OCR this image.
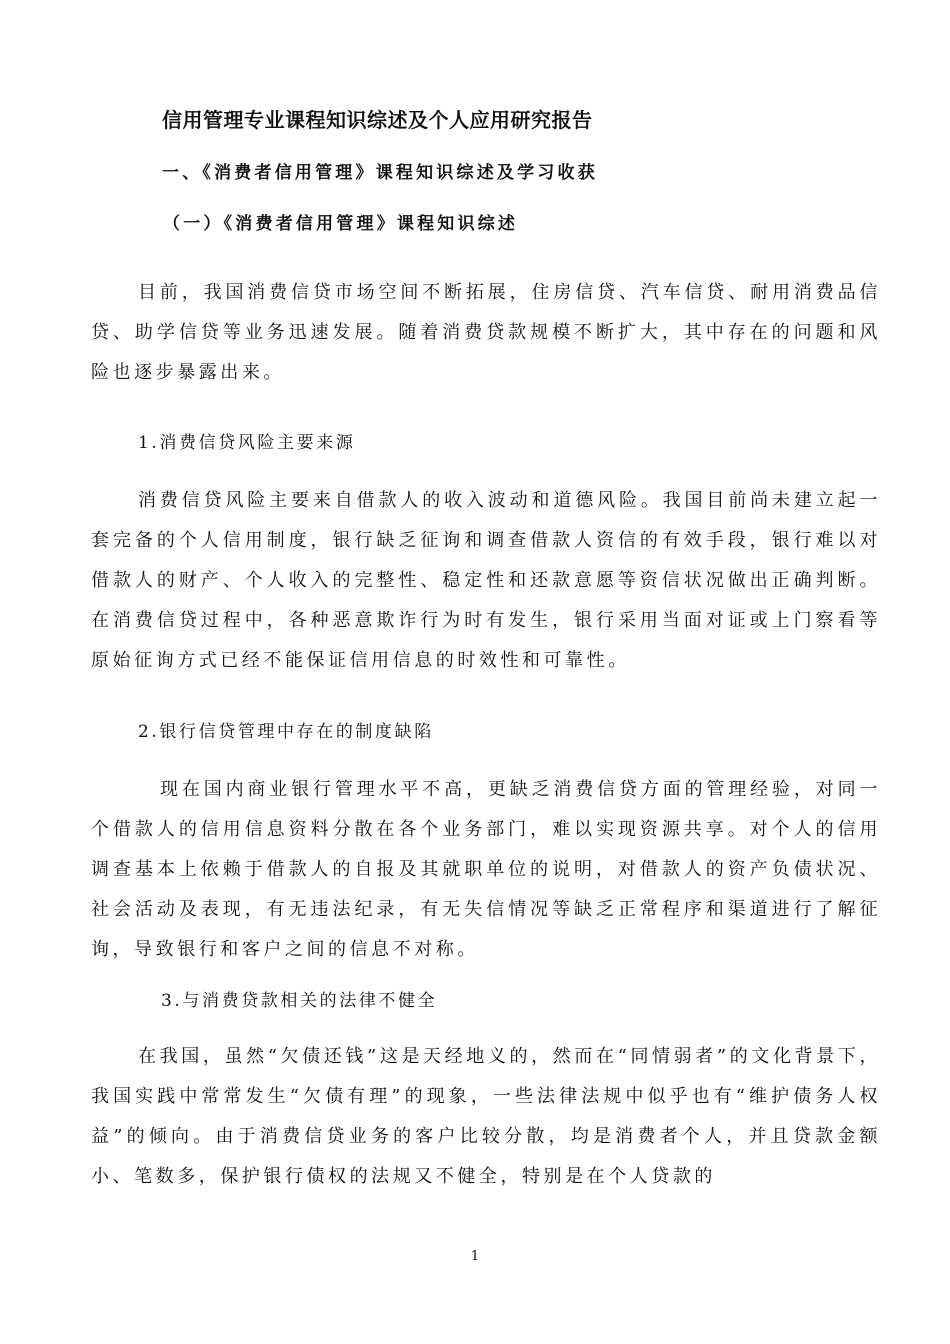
信用管理专业课程知识综述及个人应用研究报告
一、《消费者信用管理》课程知识综述及学习收获
（一）《消费者信用管理》课程知识综述

目前，我国消费信贷市场空间不断拓展，住房信贷、汽车信贷、耐用消费品信贷、助学信贷等业务迅速发展。随着消费贷款规模不断扩大，其中存在的问题和风险也逐步暴露出来。

1.消费信贷风险主要来源

消费信贷风险主要来自借款人的收入波动和道德风险。我国目前尚未建立起一套完备的个人信用制度，银行缺乏征询和调查借款人资信的有效手段，银行难以对借款人的财产、个人收入的完整性、稳定性和还款意愿等资信状况做出正确判断。在消费信贷过程中，各种恶意欺诈行为时有发生，银行采用当面对证或上门察看等原始征询方式已经不能保证信用信息的时效性和可靠性。

2.银行信贷管理中存在的制度缺陷

现在国内商业银行管理水平不高，更缺乏消费信贷方面的管理经验，对同一个借款人的信用信息资料分散在各个业务部门，难以实现资源共享。对个人的信用调查基本上依赖于借款人的自报及其就职单位的说明，对借款人的资产负债状况、社会活动及表现，有无违法纪录，有无失信情况等缺乏正常程序和渠道进行了解征询，导致银行和客户之间的信息不对称。

3.与消费贷款相关的法律不健全

在我国，虽然“欠债还钱”这是天经地义的，然而在“同情弱者”的文化背景下，我国实践中常常发生“欠债有理”的现象，一些法律法规中似乎也有“维护债务人权益”的倾向。由于消费信贷业务的客户比较分散，均是消费者个人，并且贷款金额小、笔数多，保护银行债权的法规又不健全，特别是在个人贷款的

1
